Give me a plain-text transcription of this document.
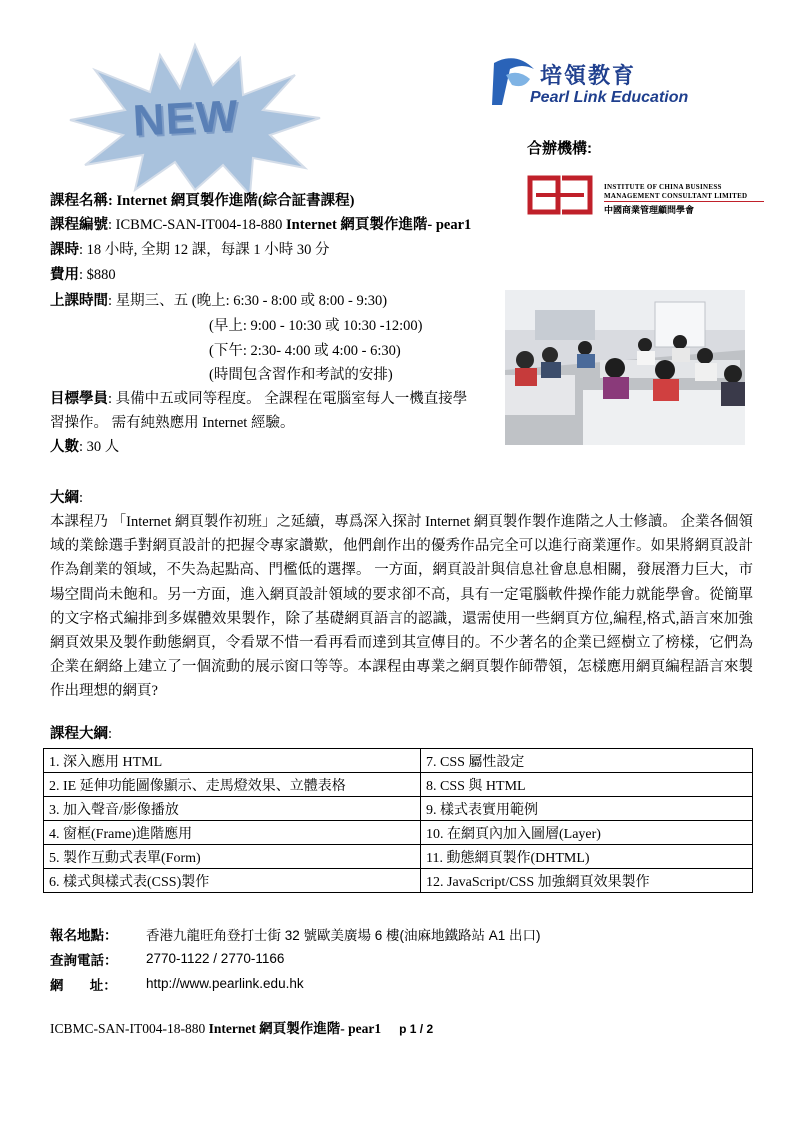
NEW
培領教育
Pearl Link Education
合辦機構:
INSTITUTE OF CHINA BUSINESS
MANAGEMENT CONSULTANT LIMITED
中國商業管理顧問學會
課程名稱: Internet 網頁製作進階(綜合証書課程)
課程編號: ICBMC-SAN-IT004-18-880 Internet 網頁製作進階- pear1
課時: 18 小時, 全期 12 課，每課 1 小時 30 分
費用: $880
上課時間: 星期三、五 (晚上: 6:30 - 8:00 或 8:00 - 9:30)
(早上: 9:00 - 10:30 或 10:30 -12:00)
(下午: 2:30- 4:00 或 4:00 - 6:30)
(時間包含習作和考試的安排)
目標學員: 具備中五或同等程度。 全課程在電腦室每人一機直接學
習操作。 需有純熟應用 Internet 經驗。
人數: 30 人
大綱:
本課程乃 「Internet 網頁製作初班」之延續，專爲深入探討 Internet 網頁製作製作進階之人士修讀。 企業各個領域的業餘選手對網頁設計的把握令專家讚歎，他們創作出的優秀作品完全可以進行商業運作。如果將網頁設計作為創業的領域，不失為起點高、門檻低的選擇。 一方面，網頁設計與信息社會息息相關，發展潛力巨大，市場空間尚未飽和。另一方面，進入網頁設計領域的要求卻不高，具有一定電腦軟件操作能力就能學會。從簡單的文字格式編排到多媒體效果製作，除了基礎網頁語言的認識，還需使用一些網頁方位,編程,格式,語言來加強網頁效果及製作動態網頁，令看眾不惜一看再看而達到其宣傳目的。不少著名的企業已經樹立了榜樣，它們為企業在網絡上建立了一個流動的展示窗口等等。本課程由專業之網頁製作師帶領，怎樣應用網頁編程語言來製作出理想的網頁?
課程大綱:
1. 深入應用 HTML	7. CSS 屬性設定
2. IE 延伸功能圖像顯示、走馬燈效果、立體表格	8. CSS 與 HTML
3. 加入聲音/影像播放	9. 樣式表實用範例
4. 窗框(Frame)進階應用	10. 在網頁內加入圖層(Layer)
5. 製作互動式表單(Form)	11. 動態網頁製作(DHTML)
6. 樣式與樣式表(CSS)製作	12. JavaScript/CSS 加強網頁效果製作
報名地點：	香港九龍旺角登打士街 32 號歐美廣場 6 樓(油麻地鐵路站 A1 出口)
查詢電話：	2770-1122 / 2770-1166
網       址：	http://www.pearlink.edu.hk
ICBMC-SAN-IT004-18-880 Internet 網頁製作進階- pear1 p 1 / 2
